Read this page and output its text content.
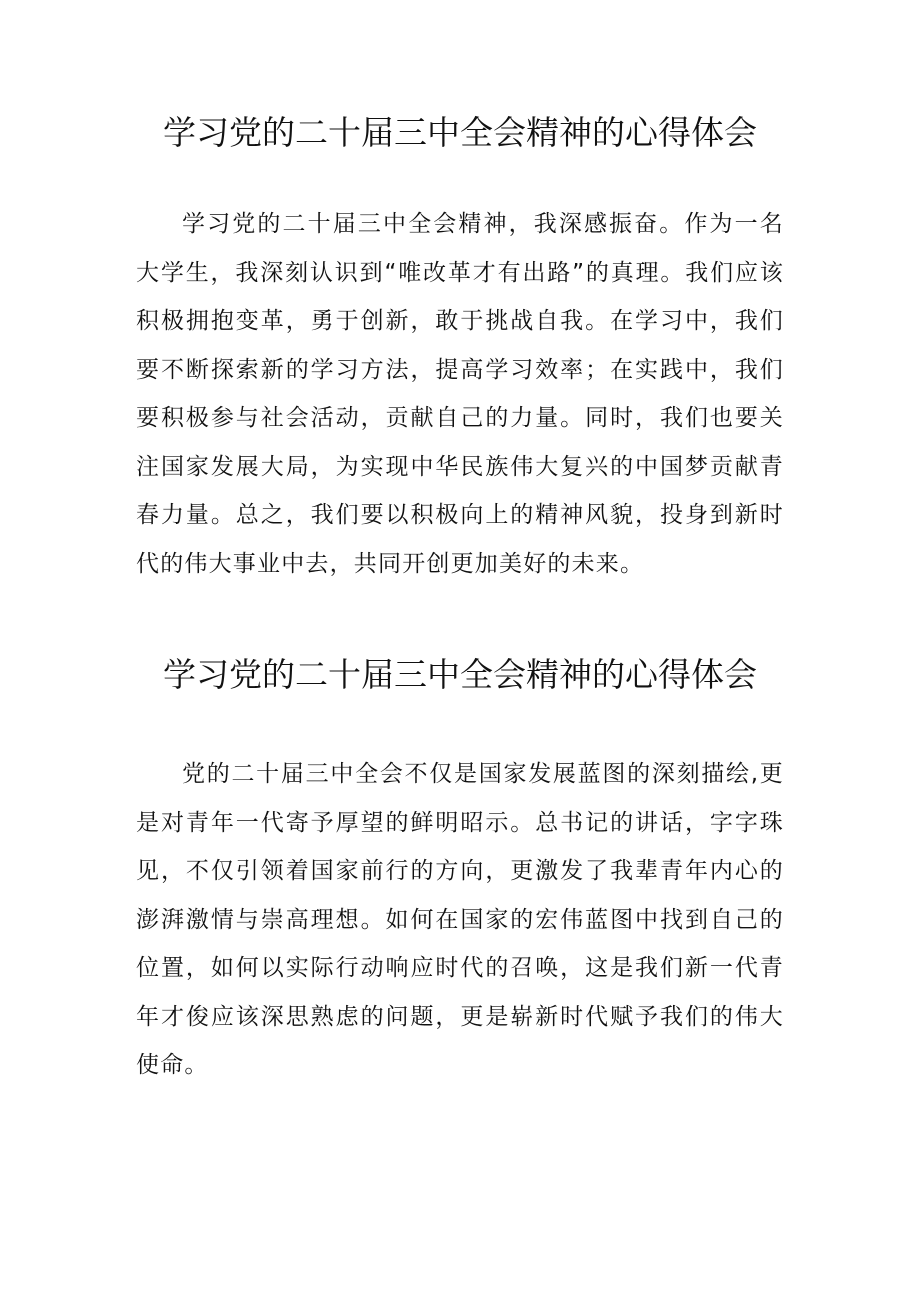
学习党的二十届三中全会精神的心得体会

学习党的二十届三中全会精神，我深感振奋。作为一名大学生，我深刻认识到“唯改革才有出路”的真理。我们应该积极拥抱变革，勇于创新，敢于挑战自我。在学习中，我们要不断探索新的学习方法，提高学习效率；在实践中，我们要积极参与社会活动，贡献自己的力量。同时，我们也要关注国家发展大局，为实现中华民族伟大复兴的中国梦贡献青春力量。总之，我们要以积极向上的精神风貌，投身到新时代的伟大事业中去，共同开创更加美好的未来。

学习党的二十届三中全会精神的心得体会

党的二十届三中全会不仅是国家发展蓝图的深刻描绘,更是对青年一代寄予厚望的鲜明昭示。总书记的讲话，字字珠见，不仅引领着国家前行的方向，更激发了我辈青年内心的澎湃激情与崇高理想。如何在国家的宏伟蓝图中找到自己的位置，如何以实际行动响应时代的召唤，这是我们新一代青年才俊应该深思熟虑的问题，更是崭新时代赋予我们的伟大使命。
